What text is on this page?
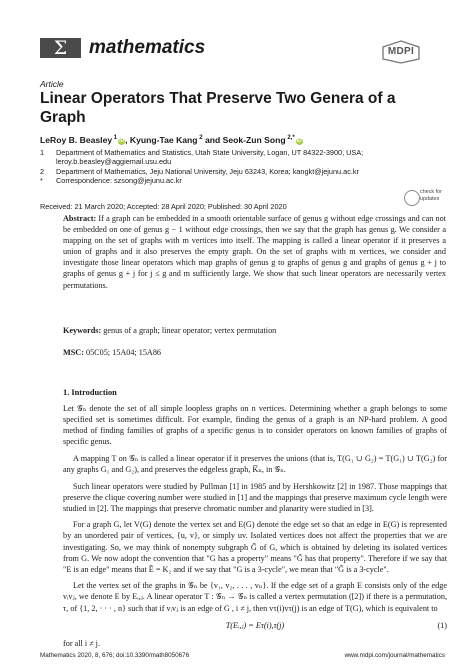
Σ	mathematics	MDPI
Article
Linear Operators That Preserve Two Genera of a Graph
LeRoy B. Beasley $^1$ iD, Kyung-Tae Kang $^2$ and Seok-Zun Song $^{2,*}$ iD
1 Department of Mathematics and Statistics, Utah State University, Logan, UT 84322-3900, USA; leroy.b.beasley@aggiemail.usu.edu
2 Department of Mathematics, Jeju National University, Jeju 63243, Korea; kangkt@jejunu.ac.kr
* Correspondence: szsong@jejunu.ac.kr
Received: 21 March 2020; Accepted: 28 April 2020; Published: 30 April 2020
check for
updates
Abstract: If a graph can be embedded in a smooth orientable surface of genus g without edge crossings and can not be embedded on one of genus g − 1 without edge crossings, then we say that the graph has genus g. We consider a mapping on the set of graphs with m vertices into itself. The mapping is called a linear operator if it preserves a union of graphs and it also preserves the empty graph. On the set of graphs with m vertices, we consider and investigate those linear operators which map graphs of genus g to graphs of genus g and graphs of genus g + j to graphs of genus g + j for j ≤ g and m sufficiently large. We show that such linear operators are necessarily vertex permutations.
Keywords: genus of a graph; linear operator; vertex permutation
MSC: 05C05; 15A04; 15A86
1. Introduction

Let 𝒢ₙ denote the set of all simple loopless graphs on n vertices. Determining whether a graph belongs to some specified set is sometimes difficult. For example, finding the genus of a graph is an NP-hard problem. A good method of finding families of graphs of a specific genus is to consider operators on known families of graphs of specific genus.

A mapping T on 𝒢ₙ is called a linear operator if it preserves the unions (that is, T(G₁ ∪ G₂) = T(G₁) ∪ T(G₂) for any graphs G₁ and G₂), and preserves the edgeless graph, K̅ₙ, in 𝒢ₙ.

Such linear operators were studied by Pullman [1] in 1985 and by Hershkowitz [2] in 1987. Those mappings that preserve the clique covering number were studied in [1] and the mappings that preserve maximum cycle length were studied in [2]. The mappings that preserve chromatic number and planarity were studied in [3].

For a graph G, let V(G) denote the vertex set and E(G) denote the edge set so that an edge in E(G) is represented by an unordered pair of vertices, {u, v}, or simply uv. Isolated vertices does not affect the properties that we are investigating. So, we may think of nonempty subgraph G̃ of G, which is obtained by deleting its isolated vertices from G. We now adopt the convention that "G has a property" means "G̃ has that property". Therefore if we say that "E is an edge" means that Ẽ = K₂ and if we say that "G is a 3-cycle", we mean that "G̃ is a 3-cycle".

Let the vertex set of the graphs in 𝒢ₙ be {v₁, v₂, . . . , vₙ}. If the edge set of a graph E consists only of the edge vᵢvⱼ, we denote E by Eᵢ,ⱼ. A linear operator T : 𝒢ₙ → 𝒢ₙ is called a vertex permutation ([2]) if there is a permutation, τ, of {1, 2, · · · , n} such that if vᵢvⱼ is an edge of G , i ≠ j, then vτ(i)vτ(j) is an edge of T(G), which is equivalent to

T(Eᵢ,ⱼ) = Eτ(i),τ(j)	(1)

for all i ≠ j.

Mathematics 2020, 8, 676; doi:10.3390/math8050676	www.mdpi.com/journal/mathematics
